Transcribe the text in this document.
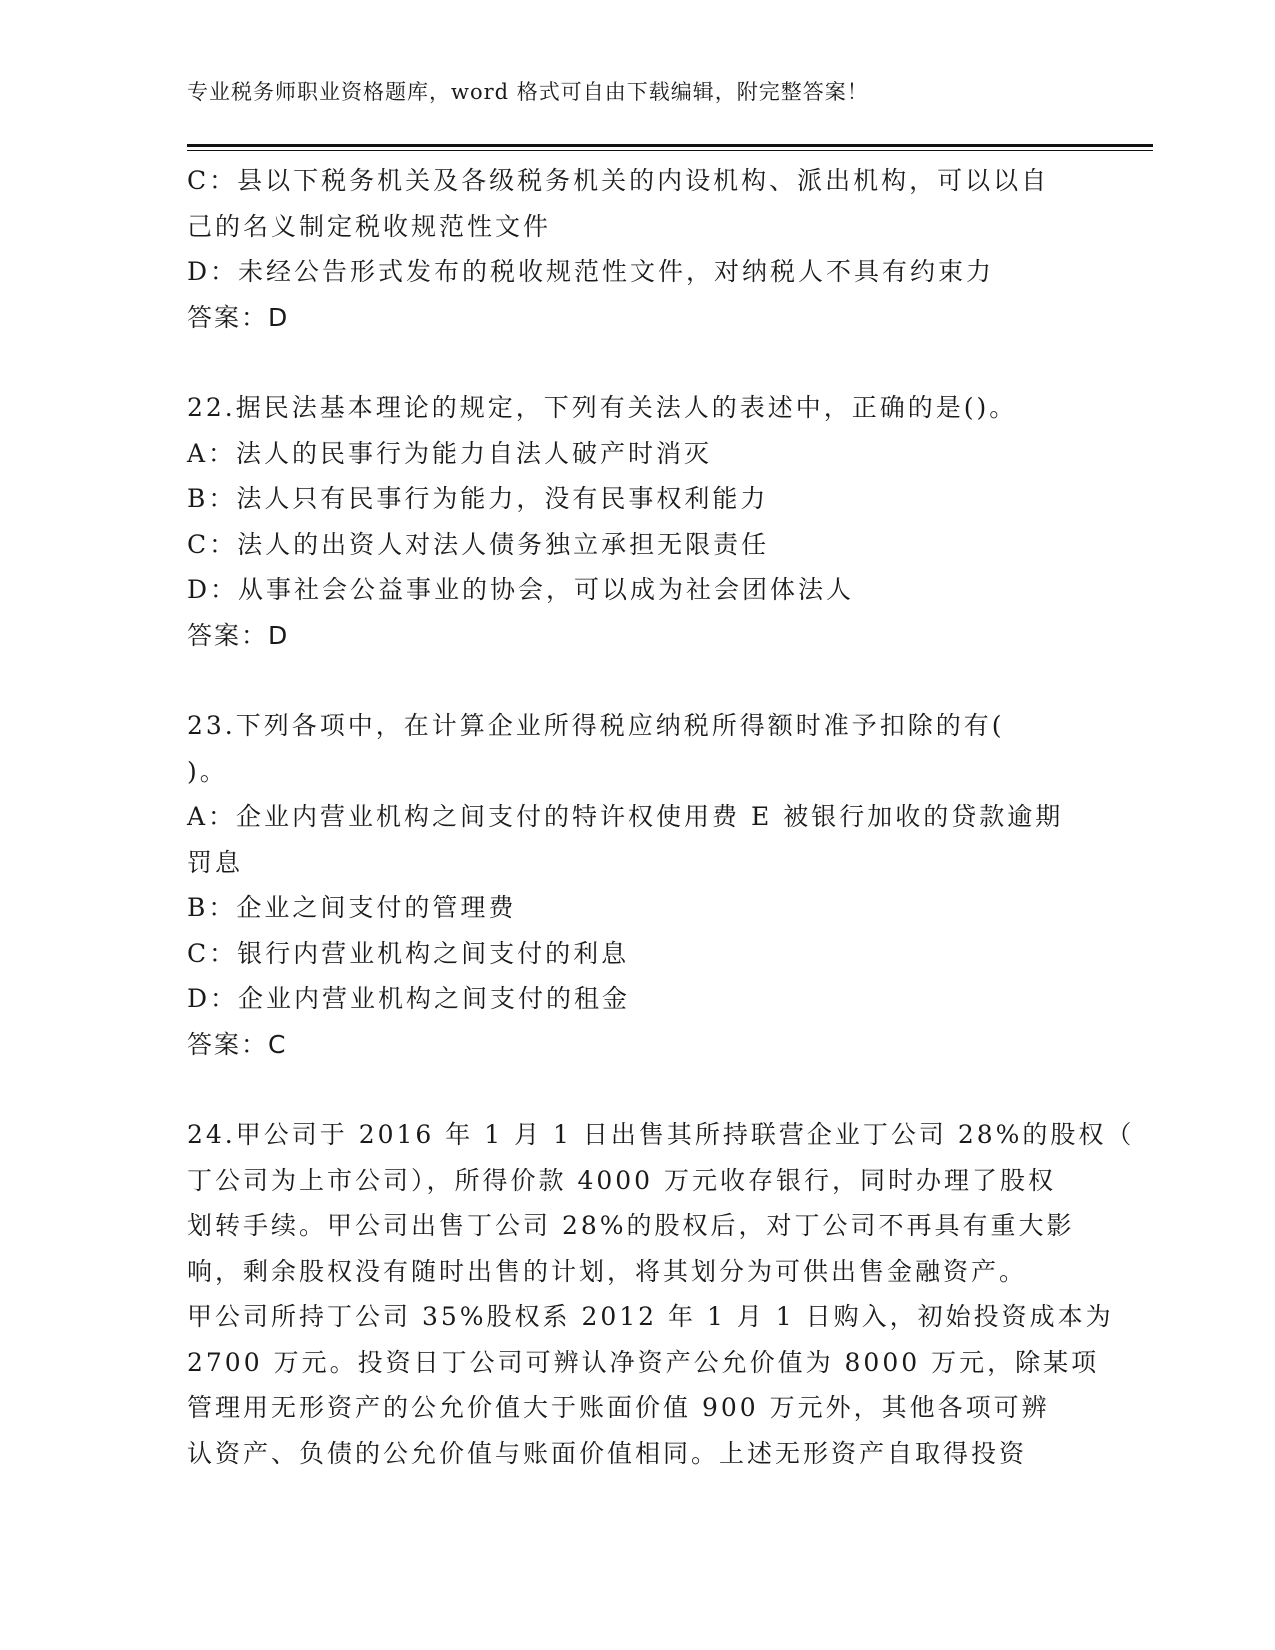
专业税务师职业资格题库，word 格式可自由下载编辑，附完整答案！

C：县以下税务机关及各级税务机关的内设机构、派出机构，可以以自

己的名义制定税收规范性文件

D：未经公告形式发布的税收规范性文件，对纳税人不具有约束力

答案：D

22.据民法基本理论的规定，下列有关法人的表述中，正确的是()。

A：法人的民事行为能力自法人破产时消灭

B：法人只有民事行为能力，没有民事权利能力

C：法人的出资人对法人债务独立承担无限责任

D：从事社会公益事业的协会，可以成为社会团体法人

答案：D

23.下列各项中，在计算企业所得税应纳税所得额时准予扣除的有(

)。

A：企业内营业机构之间支付的特许权使用费 E 被银行加收的贷款逾期

罚息

B：企业之间支付的管理费

C：银行内营业机构之间支付的利息

D：企业内营业机构之间支付的租金

答案：C

24.甲公司于 2016 年 1 月 1 日出售其所持联营企业丁公司 28%的股权（

丁公司为上市公司），所得价款 4000 万元收存银行，同时办理了股权

划转手续。甲公司出售丁公司 28%的股权后，对丁公司不再具有重大影

响，剩余股权没有随时出售的计划，将其划分为可供出售金融资产。

甲公司所持丁公司 35%股权系 2012 年 1 月 1 日购入，初始投资成本为

2700 万元。投资日丁公司可辨认净资产公允价值为 8000 万元，除某项

管理用无形资产的公允价值大于账面价值 900 万元外，其他各项可辨

认资产、负债的公允价值与账面价值相同。上述无形资产自取得投资
